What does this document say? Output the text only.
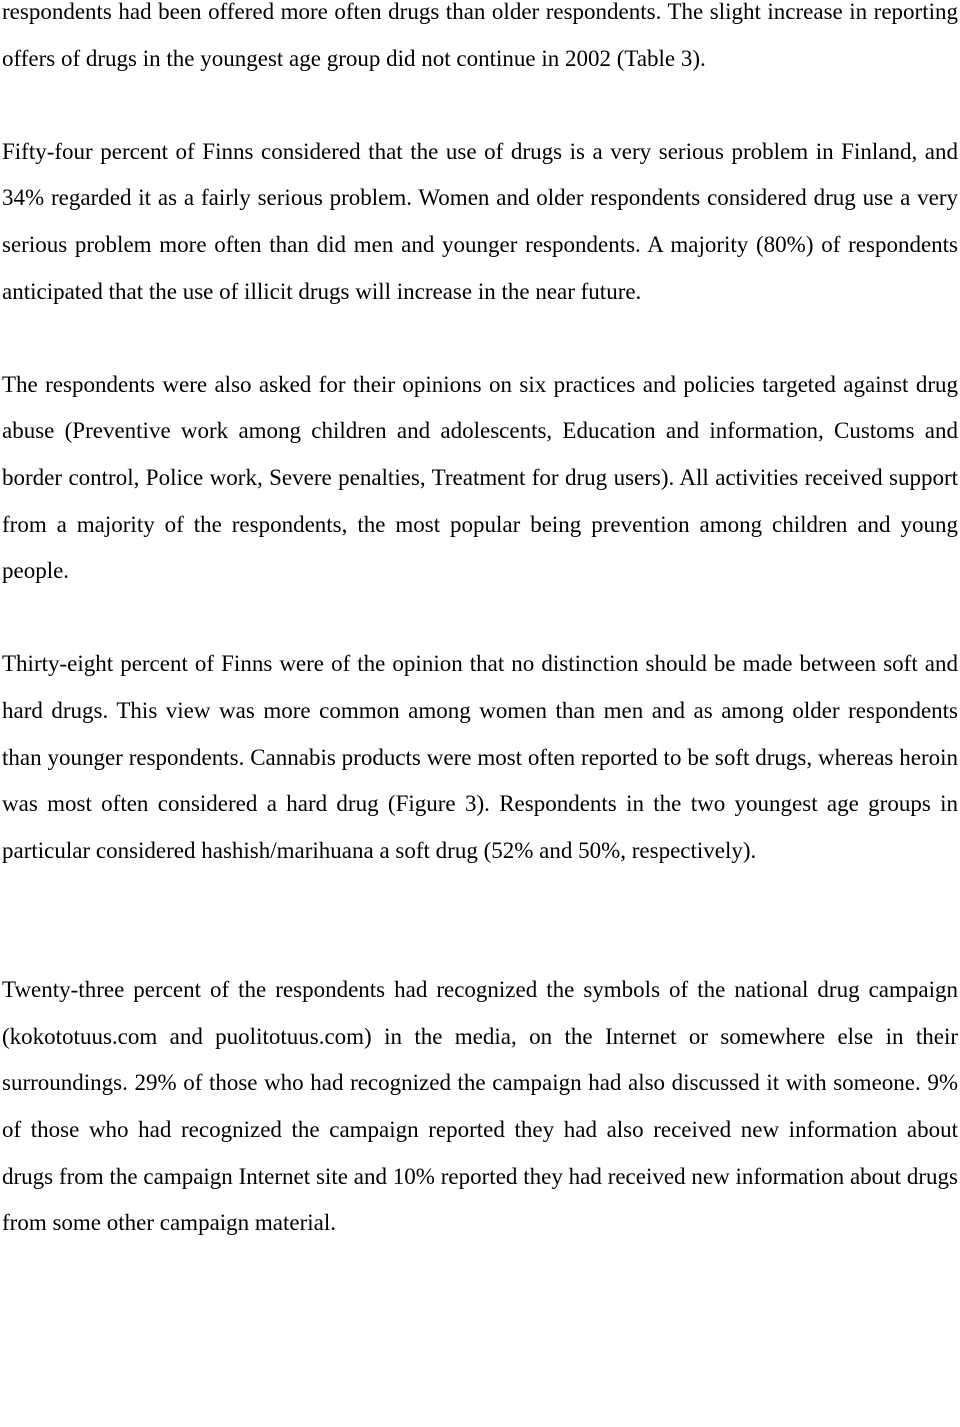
respondents had been offered more often drugs than older respondents. The slight increase in reporting offers of drugs in the youngest age group did not continue in 2002 (Table 3).

Fifty-four percent of Finns considered that the use of drugs is a very serious problem in Finland, and 34% regarded it as a fairly serious problem. Women and older respondents considered drug use a very serious problem more often than did men and younger respondents. A majority (80%) of respondents anticipated that the use of illicit drugs will increase in the near future.

The respondents were also asked for their opinions on six practices and policies targeted against drug abuse (Preventive work among children and adolescents, Education and information, Customs and border control, Police work, Severe penalties, Treatment for drug users). All activities received support from a majority of the respondents, the most popular being prevention among children and young people.

Thirty-eight percent of Finns were of the opinion that no distinction should be made between soft and hard drugs. This view was more common among women than men and as among older respondents than younger respondents. Cannabis products were most often reported to be soft drugs, whereas heroin was most often considered a hard drug (Figure 3). Respondents in the two youngest age groups in particular considered hashish/marihuana a soft drug (52% and 50%, respectively).

Twenty-three percent of the respondents had recognized the symbols of the national drug campaign (kokototuus.com and puolitotuus.com) in the media, on the Internet or somewhere else in their surroundings. 29% of those who had recognized the campaign had also discussed it with someone. 9% of those who had recognized the campaign reported they had also received new information about drugs from the campaign Internet site and 10% reported they had received new information about drugs from some other campaign material.
